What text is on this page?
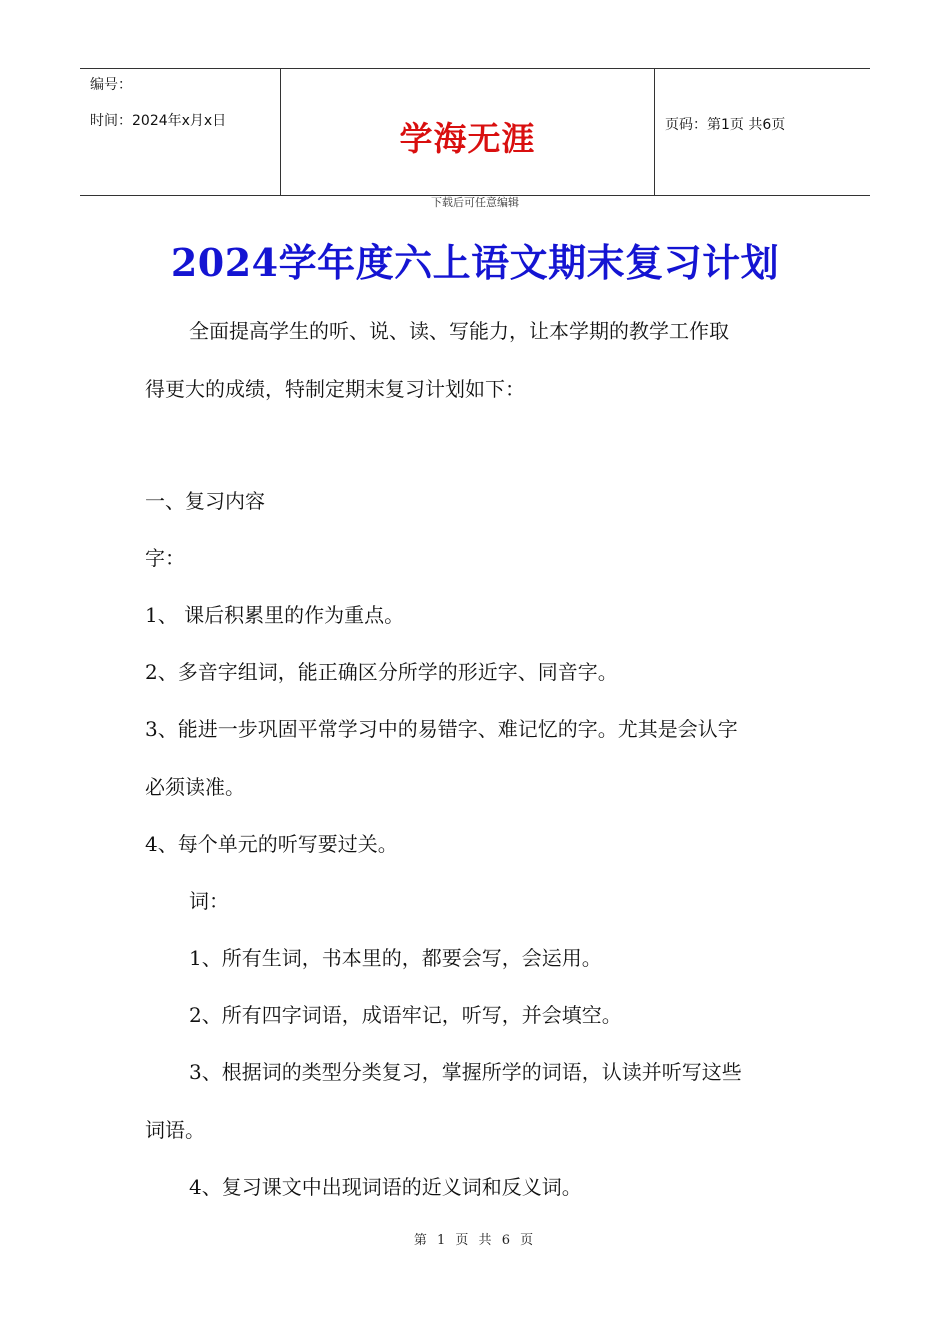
编号：
时间：2024年x月x日	学海无涯	页码：第1页 共6页
下载后可任意编辑
2024学年度六上语文期末复习计划
全面提高学生的听、说、读、写能力，让本学期的教学工作取
得更大的成绩，特制定期末复习计划如下：
一、复习内容
字：
1、 课后积累里的作为重点。
2、多音字组词，能正确区分所学的形近字、同音字。
3、能进一步巩固平常学习中的易错字、难记忆的字。尤其是会认字
必须读准。
4、每个单元的听写要过关。
词：
1、所有生词，书本里的，都要会写，会运用。
2、所有四字词语，成语牢记，听写，并会填空。
3、根据词的类型分类复习，掌握所学的词语，认读并听写这些
词语。
4、复习课文中出现词语的近义词和反义词。
第 1 页 共 6 页
